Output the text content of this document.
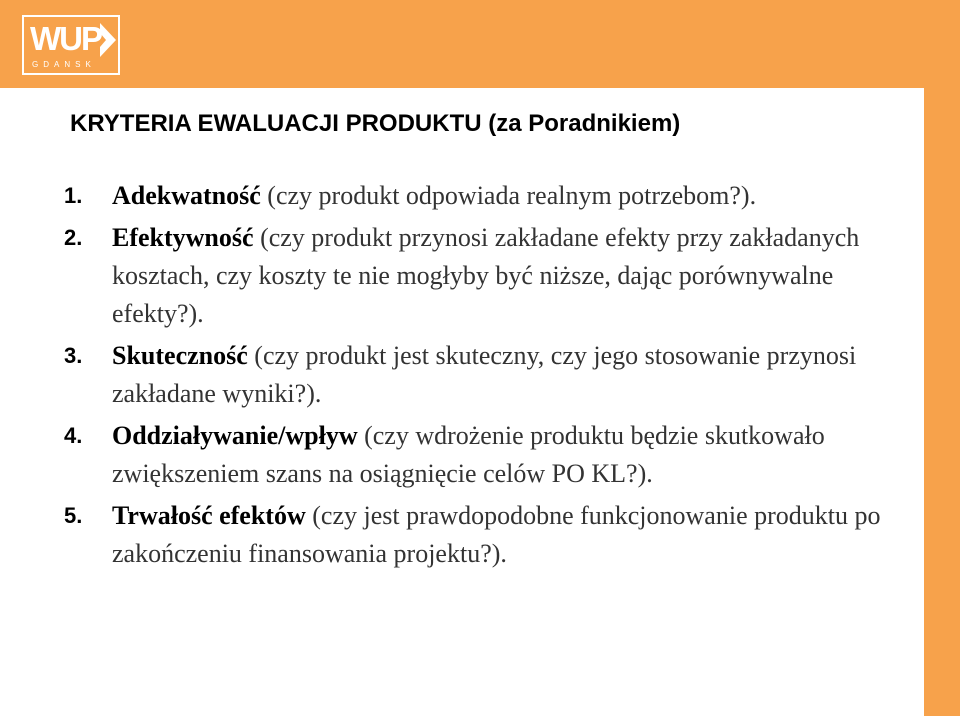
WUP
GDANSK
KRYTERIA EWALUACJI PRODUKTU (za Poradnikiem)
1. Adekwatność (czy produkt odpowiada realnym potrzebom?).
2. Efektywność (czy produkt przynosi zakładane efekty przy zakładanych kosztach, czy koszty te nie mogłyby być niższe, dając porównywalne efekty?).
3. Skuteczność (czy produkt jest skuteczny, czy jego stosowanie przynosi zakładane wyniki?).
4. Oddziaływanie/wpływ (czy wdrożenie produktu będzie skutkowało zwiększeniem szans na osiągnięcie celów PO KL?).
5. Trwałość efektów (czy jest prawdopodobne funkcjonowanie produktu po zakończeniu finansowania projektu?).
